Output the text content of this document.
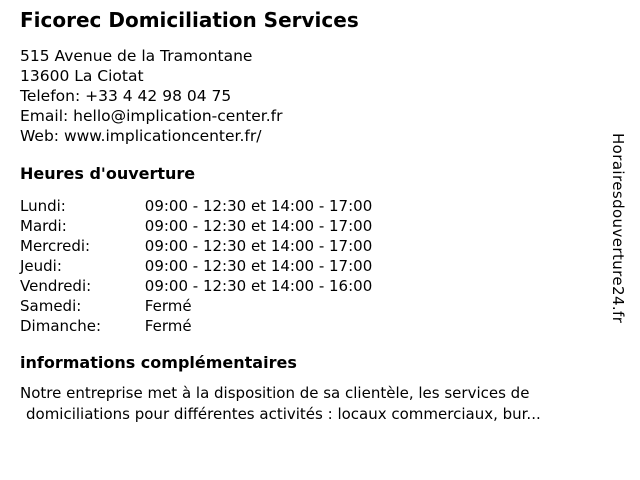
Ficorec Domiciliation Services
515 Avenue de la Tramontane
13600 La Ciotat
Telefon: +33 4 42 98 04 75
Email: hello@implication-center.fr
Web: www.implicationcenter.fr/
Heures d'ouverture
Lundi:	09:00 - 12:30 et 14:00 - 17:00
Mardi:	09:00 - 12:30 et 14:00 - 17:00
Mercredi:	09:00 - 12:30 et 14:00 - 17:00
Jeudi:	09:00 - 12:30 et 14:00 - 17:00
Vendredi:	09:00 - 12:30 et 14:00 - 16:00
Samedi:	Fermé
Dimanche:	Fermé
informations complémentaires
Notre entreprise met à la disposition de sa clientèle, les services de
domiciliations pour différentes activités : locaux commerciaux, bur...
Horairesdouverture24.fr
